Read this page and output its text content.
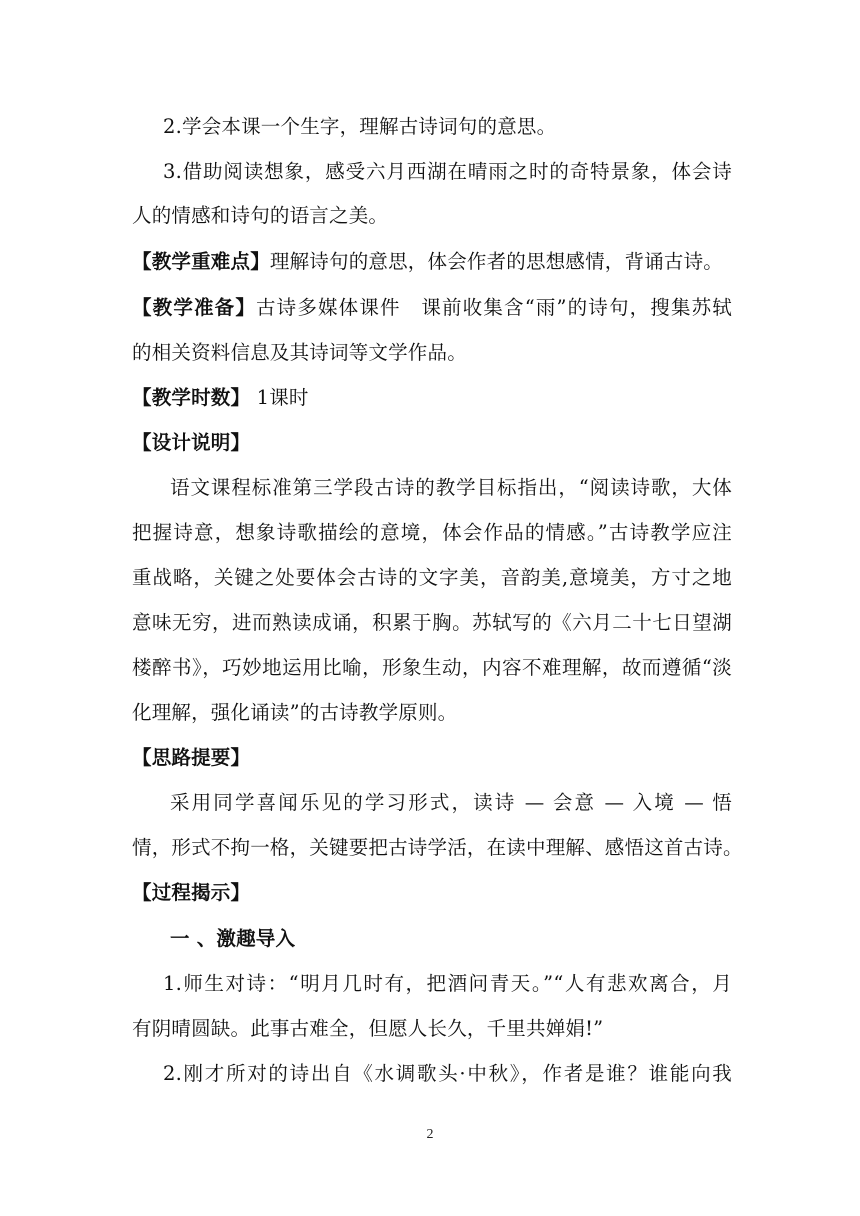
2.学会本课一个生字，理解古诗词句的意思。
3.借助阅读想象，感受六月西湖在晴雨之时的奇特景象，体会诗
人的情感和诗句的语言之美。
【教学重难点】理解诗句的意思，体会作者的思想感情，背诵古诗。
【教学准备】古诗多媒体课件　课前收集含“雨”的诗句，搜集苏轼
的相关资料信息及其诗词等文学作品。
【教学时数】 1课时
【设计说明】
语文课程标准第三学段古诗的教学目标指出，“阅读诗歌，大体
把握诗意，想象诗歌描绘的意境，体会作品的情感。”古诗教学应注
重战略，关键之处要体会古诗的文字美，音韵美,意境美，方寸之地
意味无穷，进而熟读成诵，积累于胸。苏轼写的《六月二十七日望湖
楼醉书》，巧妙地运用比喻，形象生动，内容不难理解，故而遵循“淡
化理解，强化诵读”的古诗教学原则。
【思路提要】
采用同学喜闻乐见的学习形式，读诗 — 会意 — 入境 — 悟
情，形式不拘一格，关键要把古诗学活，在读中理解、感悟这首古诗。
【过程揭示】
一 、激趣导入
1.师生对诗：“明月几时有，把酒问青天。”“人有悲欢离合，月
有阴晴圆缺。此事古难全，但愿人长久，千里共婵娟!”
2.刚才所对的诗出自《水调歌头·中秋》，作者是谁？谁能向我
2
